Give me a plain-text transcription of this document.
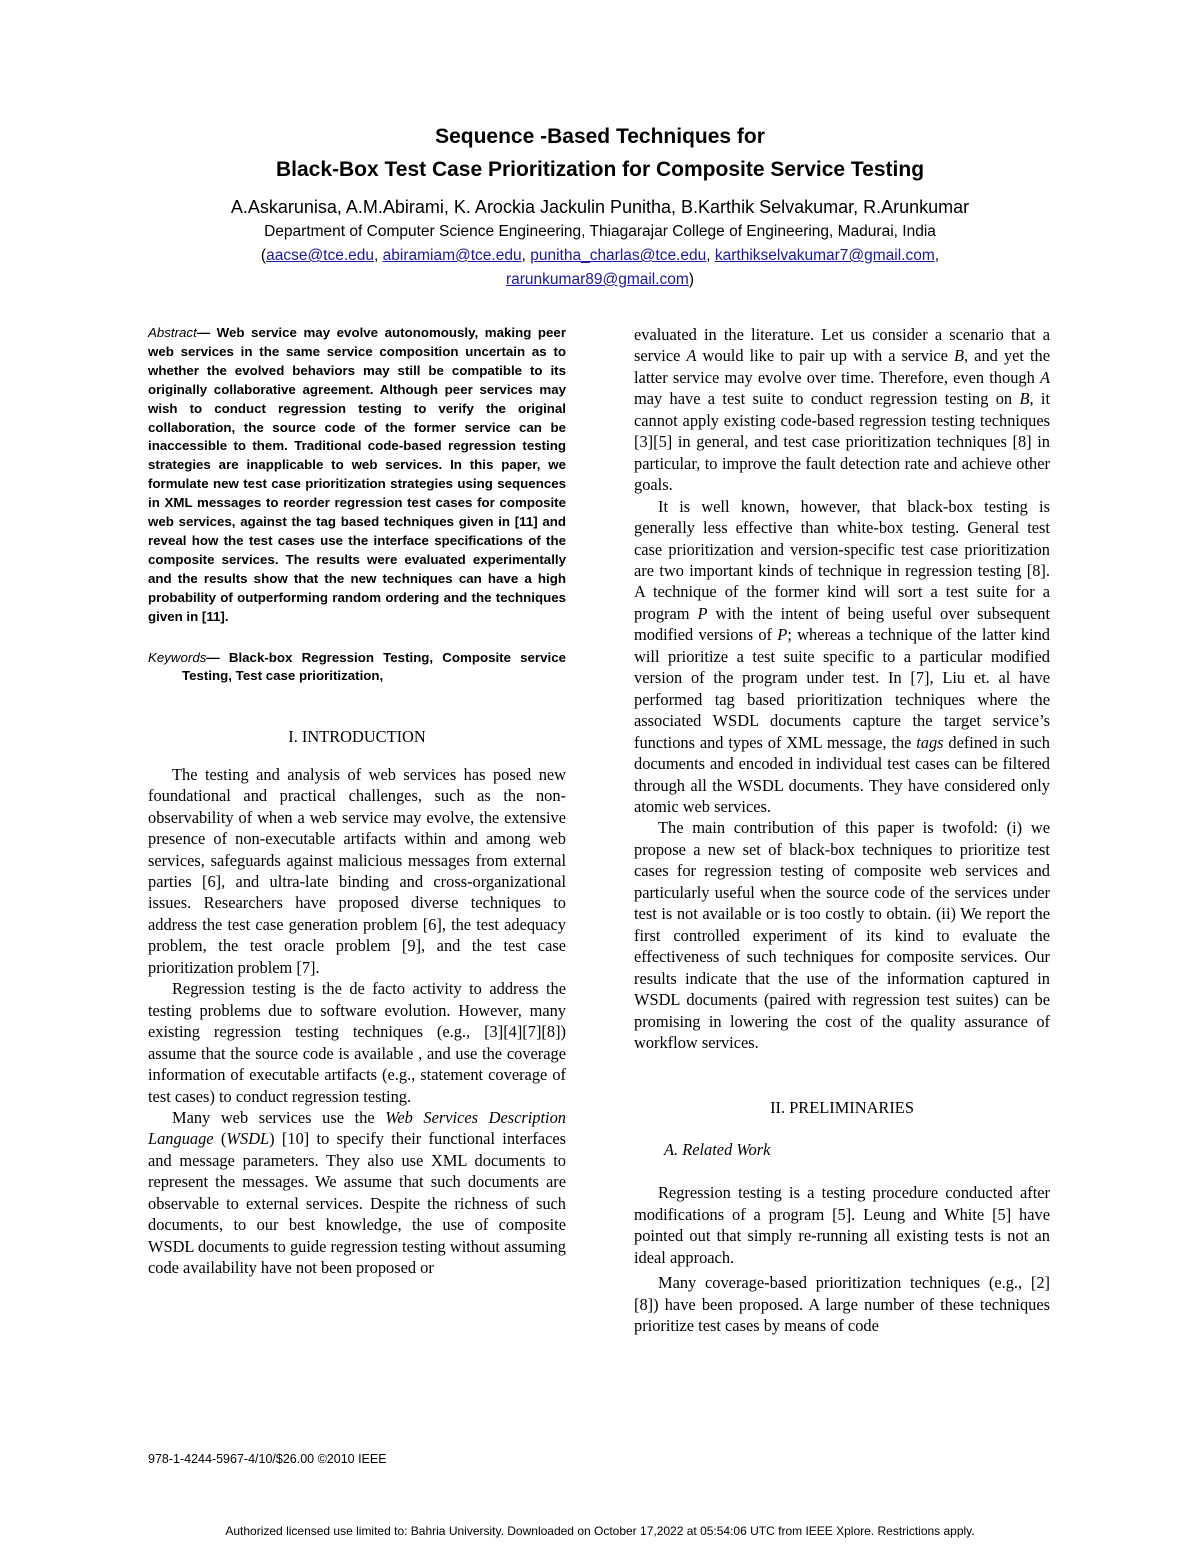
Sequence -Based Techniques for
Black-Box Test Case Prioritization for Composite Service Testing
A.Askarunisa, A.M.Abirami, K. Arockia Jackulin Punitha, B.Karthik Selvakumar, R.Arunkumar
Department of Computer Science Engineering, Thiagarajar College of Engineering, Madurai, India
(aacse@tce.edu, abiramiam@tce.edu, punitha_charlas@tce.edu, karthikselvakumar7@gmail.com,
rarunkumar89@gmail.com)

Abstract— Web service may evolve autonomously, making peer web services in the same service composition uncertain as to whether the evolved behaviors may still be compatible to its originally collaborative agreement. Although peer services may wish to conduct regression testing to verify the original collaboration, the source code of the former service can be inaccessible to them. Traditional code-based regression testing strategies are inapplicable to web services. In this paper, we formulate new test case prioritization strategies using sequences in XML messages to reorder regression test cases for composite web services, against the tag based techniques given in [11] and reveal how the test cases use the interface specifications of the composite services. The results were evaluated experimentally and the results show that the new techniques can have a high probability of outperforming random ordering and the techniques given in [11].

Keywords— Black-box Regression Testing, Composite service Testing, Test case prioritization,

I. INTRODUCTION

The testing and analysis of web services has posed new foundational and practical challenges, such as the non-observability of when a web service may evolve, the extensive presence of non-executable artifacts within and among web services, safeguards against malicious messages from external parties [6], and ultra-late binding and cross-organizational issues. Researchers have proposed diverse techniques to address the test case generation problem [6], the test adequacy problem, the test oracle problem [9], and the test case prioritization problem [7].

Regression testing is the de facto activity to address the testing problems due to software evolution. However, many existing regression testing techniques (e.g., [3][4][7][8]) assume that the source code is available , and use the coverage information of executable artifacts (e.g., statement coverage of test cases) to conduct regression testing.

Many web services use the Web Services Description Language (WSDL) [10] to specify their functional interfaces and message parameters. They also use XML documents to represent the messages. We assume that such documents are observable to external services. Despite the richness of such documents, to our best knowledge, the use of composite WSDL documents to guide regression testing without assuming code availability have not been proposed or

evaluated in the literature. Let us consider a scenario that a service A would like to pair up with a service B, and yet the latter service may evolve over time. Therefore, even though A may have a test suite to conduct regression testing on B, it cannot apply existing code-based regression testing techniques [3][5] in general, and test case prioritization techniques [8] in particular, to improve the fault detection rate and achieve other goals.

It is well known, however, that black-box testing is generally less effective than white-box testing. General test case prioritization and version-specific test case prioritization are two important kinds of technique in regression testing [8]. A technique of the former kind will sort a test suite for a program P with the intent of being useful over subsequent modified versions of P; whereas a technique of the latter kind will prioritize a test suite specific to a particular modified version of the program under test. In [7], Liu et. al have performed tag based prioritization techniques where the associated WSDL documents capture the target service’s functions and types of XML message, the tags defined in such documents and encoded in individual test cases can be filtered through all the WSDL documents. They have considered only atomic web services.

The main contribution of this paper is twofold: (i) we propose a new set of black-box techniques to prioritize test cases for regression testing of composite web services and particularly useful when the source code of the services under test is not available or is too costly to obtain. (ii) We report the first controlled experiment of its kind to evaluate the effectiveness of such techniques for composite services. Our results indicate that the use of the information captured in WSDL documents (paired with regression test suites) can be promising in lowering the cost of the quality assurance of workflow services.

II. PRELIMINARIES

A. Related Work

Regression testing is a testing procedure conducted after modifications of a program [5]. Leung and White [5] have pointed out that simply re-running all existing tests is not an ideal approach.

Many coverage-based prioritization techniques (e.g., [2][8]) have been proposed. A large number of these techniques prioritize test cases by means of code

978-1-4244-5967-4/10/$26.00 ©2010 IEEE
Authorized licensed use limited to: Bahria University. Downloaded on October 17,2022 at 05:54:06 UTC from IEEE Xplore. Restrictions apply.
